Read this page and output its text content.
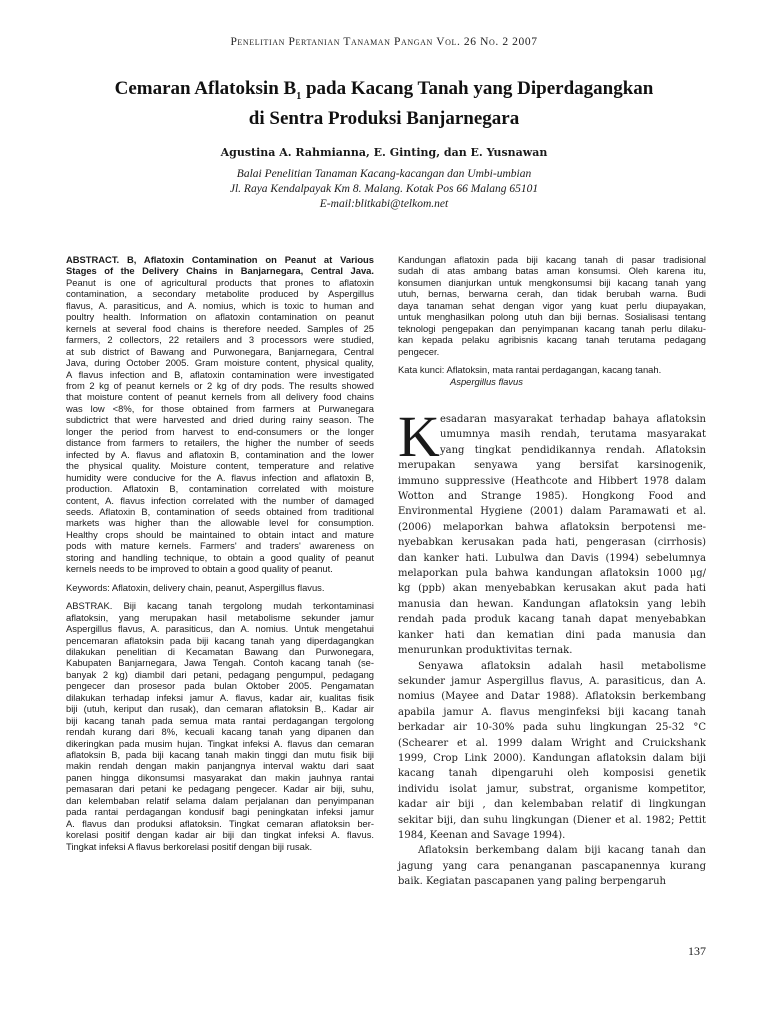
Penelitian Pertanian Tanaman Pangan Vol. 26 No. 2 2007
Cemaran Aflatoksin $B_1$ pada Kacang Tanah yang Diperdagangkan
di Sentra Produksi Banjarnegara
Agustina A. Rahmianna, E. Ginting, dan E. Yusnawan
Balai Penelitian Tanaman Kacang-kacangan dan Umbi-umbian
Jl. Raya Kendalpayak Km 8. Malang. Kotak Pos 66 Malang 65101
E-mail:blitkabi@telkom.net
ABSTRACT. B, Aflatoxin Contamination on Peanut at Various
Stages of the Delivery Chains in Banjarnegara, Central Java.
Peanut is one of agricultural products that prones to aflatoxin
contamination, a secondary metabolite produced by Aspergillus
flavus, A. parasiticus, and A. nomius, which is toxic to human and
poultry health. Information on aflatoxin contamination on peanut
kernels at several food chains is therefore needed. Samples of 25
farmers, 2 collectors, 22 retailers and 3 processors were studied,
at sub district of Bawang and Purwonegara, Banjarnegara, Central
Java, during October 2005. Gram moisture content, physical quality,
A flavus infection and B, aflatoxin contamination were investigated
from 2 kg of peanut kernels or 2 kg of dry pods. The results showed
that moisture content of peanut kernels from all delivery food chains
was low <8%, for those obtained from farmers at Purwanegara
subdictrict that were harvested and dried during rainy season. The
longer the period from harvest to end-consumers or the longer
distance from farmers to retailers, the higher the number of seeds
infected by A. flavus and aflatoxin B, contamination and the lower
the physical quality. Moisture content, temperature and relative
humidity were conducive for the A. flavus infection and aflatoxin B,
production. Aflatoxin B, contamination correlated with moisture
content, A. flavus infection correlated with the number of damaged
seeds. Aflatoxin B, contamination of seeds obtained from traditional
markets was higher than the allowable level for consumption.
Healthy crops should be maintained to obtain intact and mature
pods with mature kernels. Farmers' and traders' awareness on
storing and handling technique, to obtain a good quality of peanut
kernels needs to be improved to obtain a good quality of peanut.
Keywords: Aflatoxin, delivery chain, peanut, Aspergillus flavus.
ABSTRAK. Biji kacang tanah tergolong mudah terkontaminasi
aflatoksin, yang merupakan hasil metabolisme sekunder jamur
Aspergillus flavus, A. parasiticus, dan A. nomius. Untuk mengetahui
pencemaran aflatoksin pada biji kacang tanah yang diperdagangkan
dilakukan penelitian di Kecamatan Bawang dan Purwonegara,
Kabupaten Banjarnegara, Jawa Tengah. Contoh kacang tanah (se-
banyak 2 kg) diambil dari petani, pedagang pengumpul, pedagang
pengecer dan prosesor pada bulan Oktober 2005. Pengamatan
dilakukan terhadap infeksi jamur A. flavus, kadar air, kualitas fisik
biji (utuh, keriput dan rusak), dan cemaran aflatoksin B,. Kadar air
biji kacang tanah pada semua mata rantai perdagangan tergolong
rendah kurang dari 8%, kecuali kacang tanah yang dipanen dan
dikeringkan pada musim hujan. Tingkat infeksi A. flavus dan cemaran
aflatoksin B, pada biji kacang tanah makin tinggi dan mutu fisik biji
makin rendah dengan makin panjangnya interval waktu dari saat
panen hingga dikonsumsi masyarakat dan makin jauhnya rantai
pemasaran dari petani ke pedagang pengecer. Kadar air biji, suhu,
dan kelembaban relatif selama dalam perjalanan dan penyimpanan
pada rantai perdagangan kondusif bagi peningkatan infeksi jamur
A. flavus dan produksi aflatoksin. Tingkat cemaran aflatoksin ber-
korelasi positif dengan kadar air biji dan tingkat infeksi A. flavus.
Tingkat infeksi A flavus berkorelasi positif dengan biji rusak.
Kandungan aflatoxin pada biji kacang tanah di pasar tradisional
sudah di atas ambang batas aman konsumsi. Oleh karena itu,
konsumen dianjurkan untuk mengkonsumsi biji kacang tanah yang
utuh, bernas, berwarna cerah, dan tidak berubah warna. Budi
daya tanaman sehat dengan vigor yang kuat perlu diupayakan,
untuk menghasilkan polong utuh dan biji bernas. Sosialisasi tentang
teknologi pengepakan dan penyimpanan kacang tanah perlu dilaku-
kan kepada pelaku agribisnis kacang tanah terutama pedagang
pengecer.
Kata kunci: Aflatoksin, mata rantai perdagangan, kacang tanah.
Aspergillus flavus
K esadaran masyarakat terhadap bahaya aflatoksin
umumnya masih rendah, terutama masyarakat
yang tingkat pendidikannya rendah. Aflatoksin
merupakan senyawa yang bersifat karsinogenik,
immuno suppressive (Heathcote and Hibbert 1978 dalam
Wotton and Strange 1985). Hongkong Food and
Environmental Hygiene (2001) dalam Paramawati et al.
(2006) melaporkan bahwa aflatoksin berpotensi me-
nyebabkan kerusakan pada hati, pengerasan (cirrhosis)
dan kanker hati. Lubulwa dan Davis (1994) sebelumnya
melaporkan pula bahwa kandungan aflatoksin 1000 μg/
kg (ppb) akan menyebabkan kerusakan akut pada hati
manusia dan hewan. Kandungan aflatoksin yang lebih
rendah pada produk kacang tanah dapat menyebabkan
kanker hati dan kematian dini pada manusia dan
menurunkan produktivitas ternak.
Senyawa aflatoksin adalah hasil metabolisme
sekunder jamur Aspergillus flavus, A. parasiticus, dan A.
nomius (Mayee and Datar 1988). Aflatoksin berkembang
apabila jamur A. flavus menginfeksi biji kacang tanah
berkadar air 10-30% pada suhu lingkungan 25-32 °C
(Schearer et al. 1999 dalam Wright and Cruickshank
1999, Crop Link 2000). Kandungan aflatoksin dalam biji
kacang tanah dipengaruhi oleh komposisi genetik
individu isolat jamur, substrat, organisme kompetitor,
kadar air biji , dan kelembaban relatif di lingkungan
sekitar biji, dan suhu lingkungan (Diener et al. 1982; Pettit
1984, Keenan and Savage 1994).
Aflatoksin berkembang dalam biji kacang tanah dan
jagung yang cara penanganan pascapanennya kurang
baik. Kegiatan pascapanen yang paling berpengaruh
137
